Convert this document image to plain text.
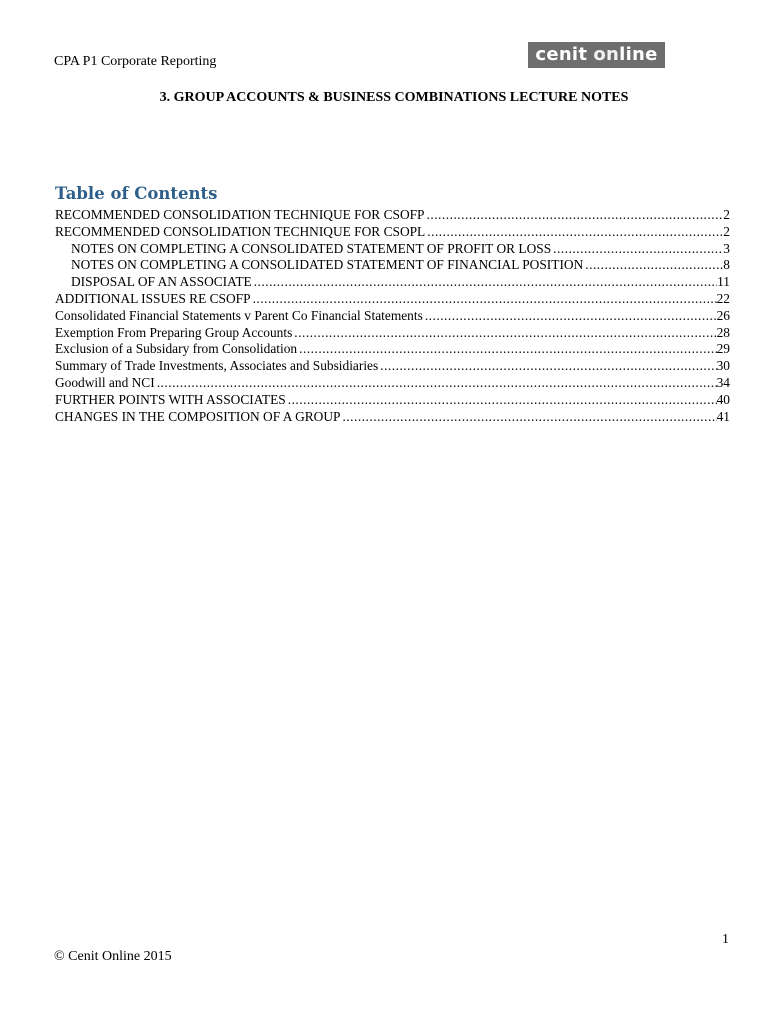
CPA P1 Corporate Reporting	cenit on line
3. GROUP ACCOUNTS & BUSINESS COMBINATIONS LECTURE NOTES
Table of Contents
RECOMMENDED CONSOLIDATION TECHNIQUE FOR CSOFP .....	2
RECOMMENDED CONSOLIDATION TECHNIQUE FOR CSOPL .....	2
NOTES ON COMPLETING A CONSOLIDATED STATEMENT OF PROFIT OR LOSS .....	3
NOTES ON COMPLETING A CONSOLIDATED STATEMENT OF FINANCIAL POSITION .....	8
DISPOSAL OF AN ASSOCIATE .....	11
ADDITIONAL ISSUES RE CSOFP .....	22
Consolidated Financial Statements v Parent Co Financial Statements .....	26
Exemption From Preparing Group Accounts .....	28
Exclusion of a Subsidary from Consolidation .....	29
Summary of Trade Investments, Associates and Subsidiaries .....	30
Goodwill and NCI .....	34
FURTHER POINTS WITH ASSOCIATES .....	40
CHANGES IN THE COMPOSITION OF A GROUP .....	41
1
© Cenit Online 2015
